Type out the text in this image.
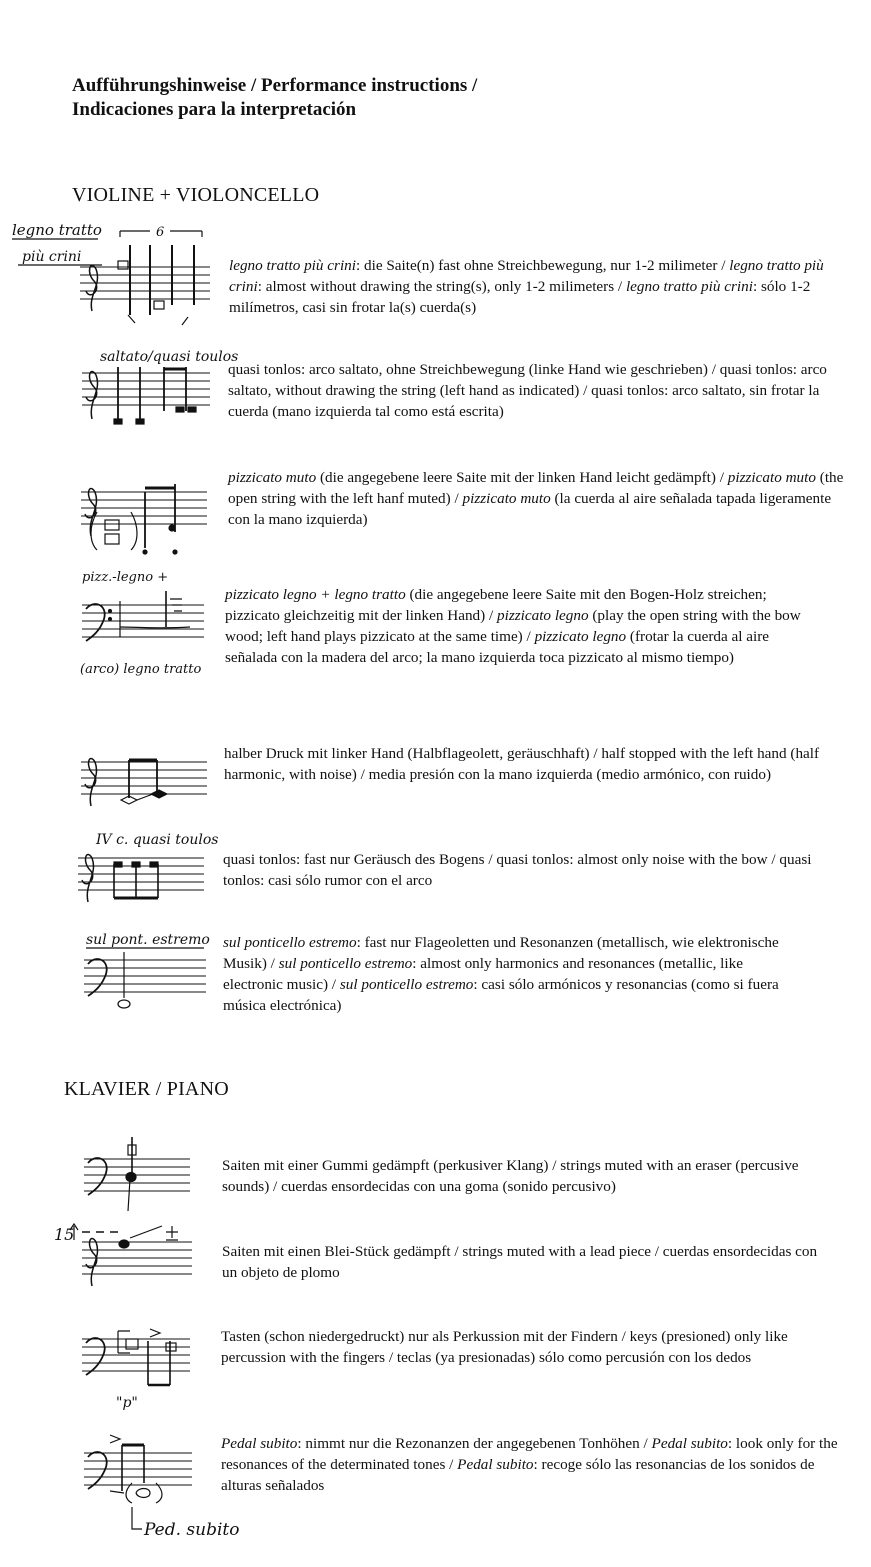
Aufführungshinweise / Performance instructions /
Indicaciones para la interpretación
VIOLINE + VIOLONCELLO
KLAVIER / PIANO
legno tratto più crini: die Saite(n) fast ohne Streichbewegung, nur 1-2 milimeter / legno tratto più crini: almost without drawing the string(s), only 1-2 milimeters / legno tratto più crini: sólo 1-2 milímetros, casi sin frotar la(s) cuerda(s)
quasi tonlos: arco saltato, ohne Streichbewegung (linke Hand wie geschrieben) / quasi tonlos: arco saltato, without drawing the string (left hand as indicated) / quasi tonlos: arco saltato, sin frotar la cuerda (mano izquierda tal como está escrita)
pizzicato muto (die angegebene leere Saite mit der linken Hand leicht gedämpft) / pizzicato muto (the open string with the left hanf muted) / pizzicato muto (la cuerda al aire señalada tapada ligeramente con la mano izquierda)
pizzicato legno + legno tratto (die angegebene leere Saite mit den Bogen-Holz streichen; pizzicato gleichzeitig mit der linken Hand) / pizzicato legno (play the open string with the bow wood; left hand plays pizzicato at the same time) / pizzicato legno (frotar la cuerda al aire señalada con la madera del arco; la mano izquierda toca pizzicato al mismo tiempo)
halber Druck mit linker Hand (Halbflageolett, geräuschhaft) / half stopped with the left hand (half harmonic, with noise) / media presión con la mano izquierda (medio armónico, con ruido)
quasi tonlos: fast nur Geräusch des Bogens / quasi tonlos: almost only noise with the bow / quasi tonlos: casi sólo rumor con el arco
sul ponticello estremo: fast nur Flageoletten und Resonanzen (metallisch, wie elektronische Musik) / sul ponticello estremo: almost only harmonics and resonances (metallic, like electronic music) / sul ponticello estremo: casi sólo armónicos y resonancias (como si fuera música electrónica)
Saiten mit einer Gummi gedämpft (perkusiver Klang) / strings muted with an eraser (percusive sounds) / cuerdas ensordecidas con una goma (sonido percusivo)
Saiten mit einen Blei-Stück gedämpft / strings muted with a lead piece / cuerdas ensordecidas con un objeto de plomo
Tasten (schon niedergedruckt) nur als Perkussion mit der Findern / keys (presioned) only like percussion with the fingers / teclas (ya presionadas) sólo como percusión con los dedos
Pedal subito: nimmt nur die Rezonanzen der angegebenen Tonhöhen / Pedal subito: look only for the resonances of the determinated tones / Pedal subito: recoge sólo las resonancias de los sonidos de alturas señalados
legno tratto
più crini
6
saltato/quasi toulos
pizz.-legno +
(arco) legno tratto
IV c. quasi toulos
sul pont. estremo
15
"p"
Ped. subito
